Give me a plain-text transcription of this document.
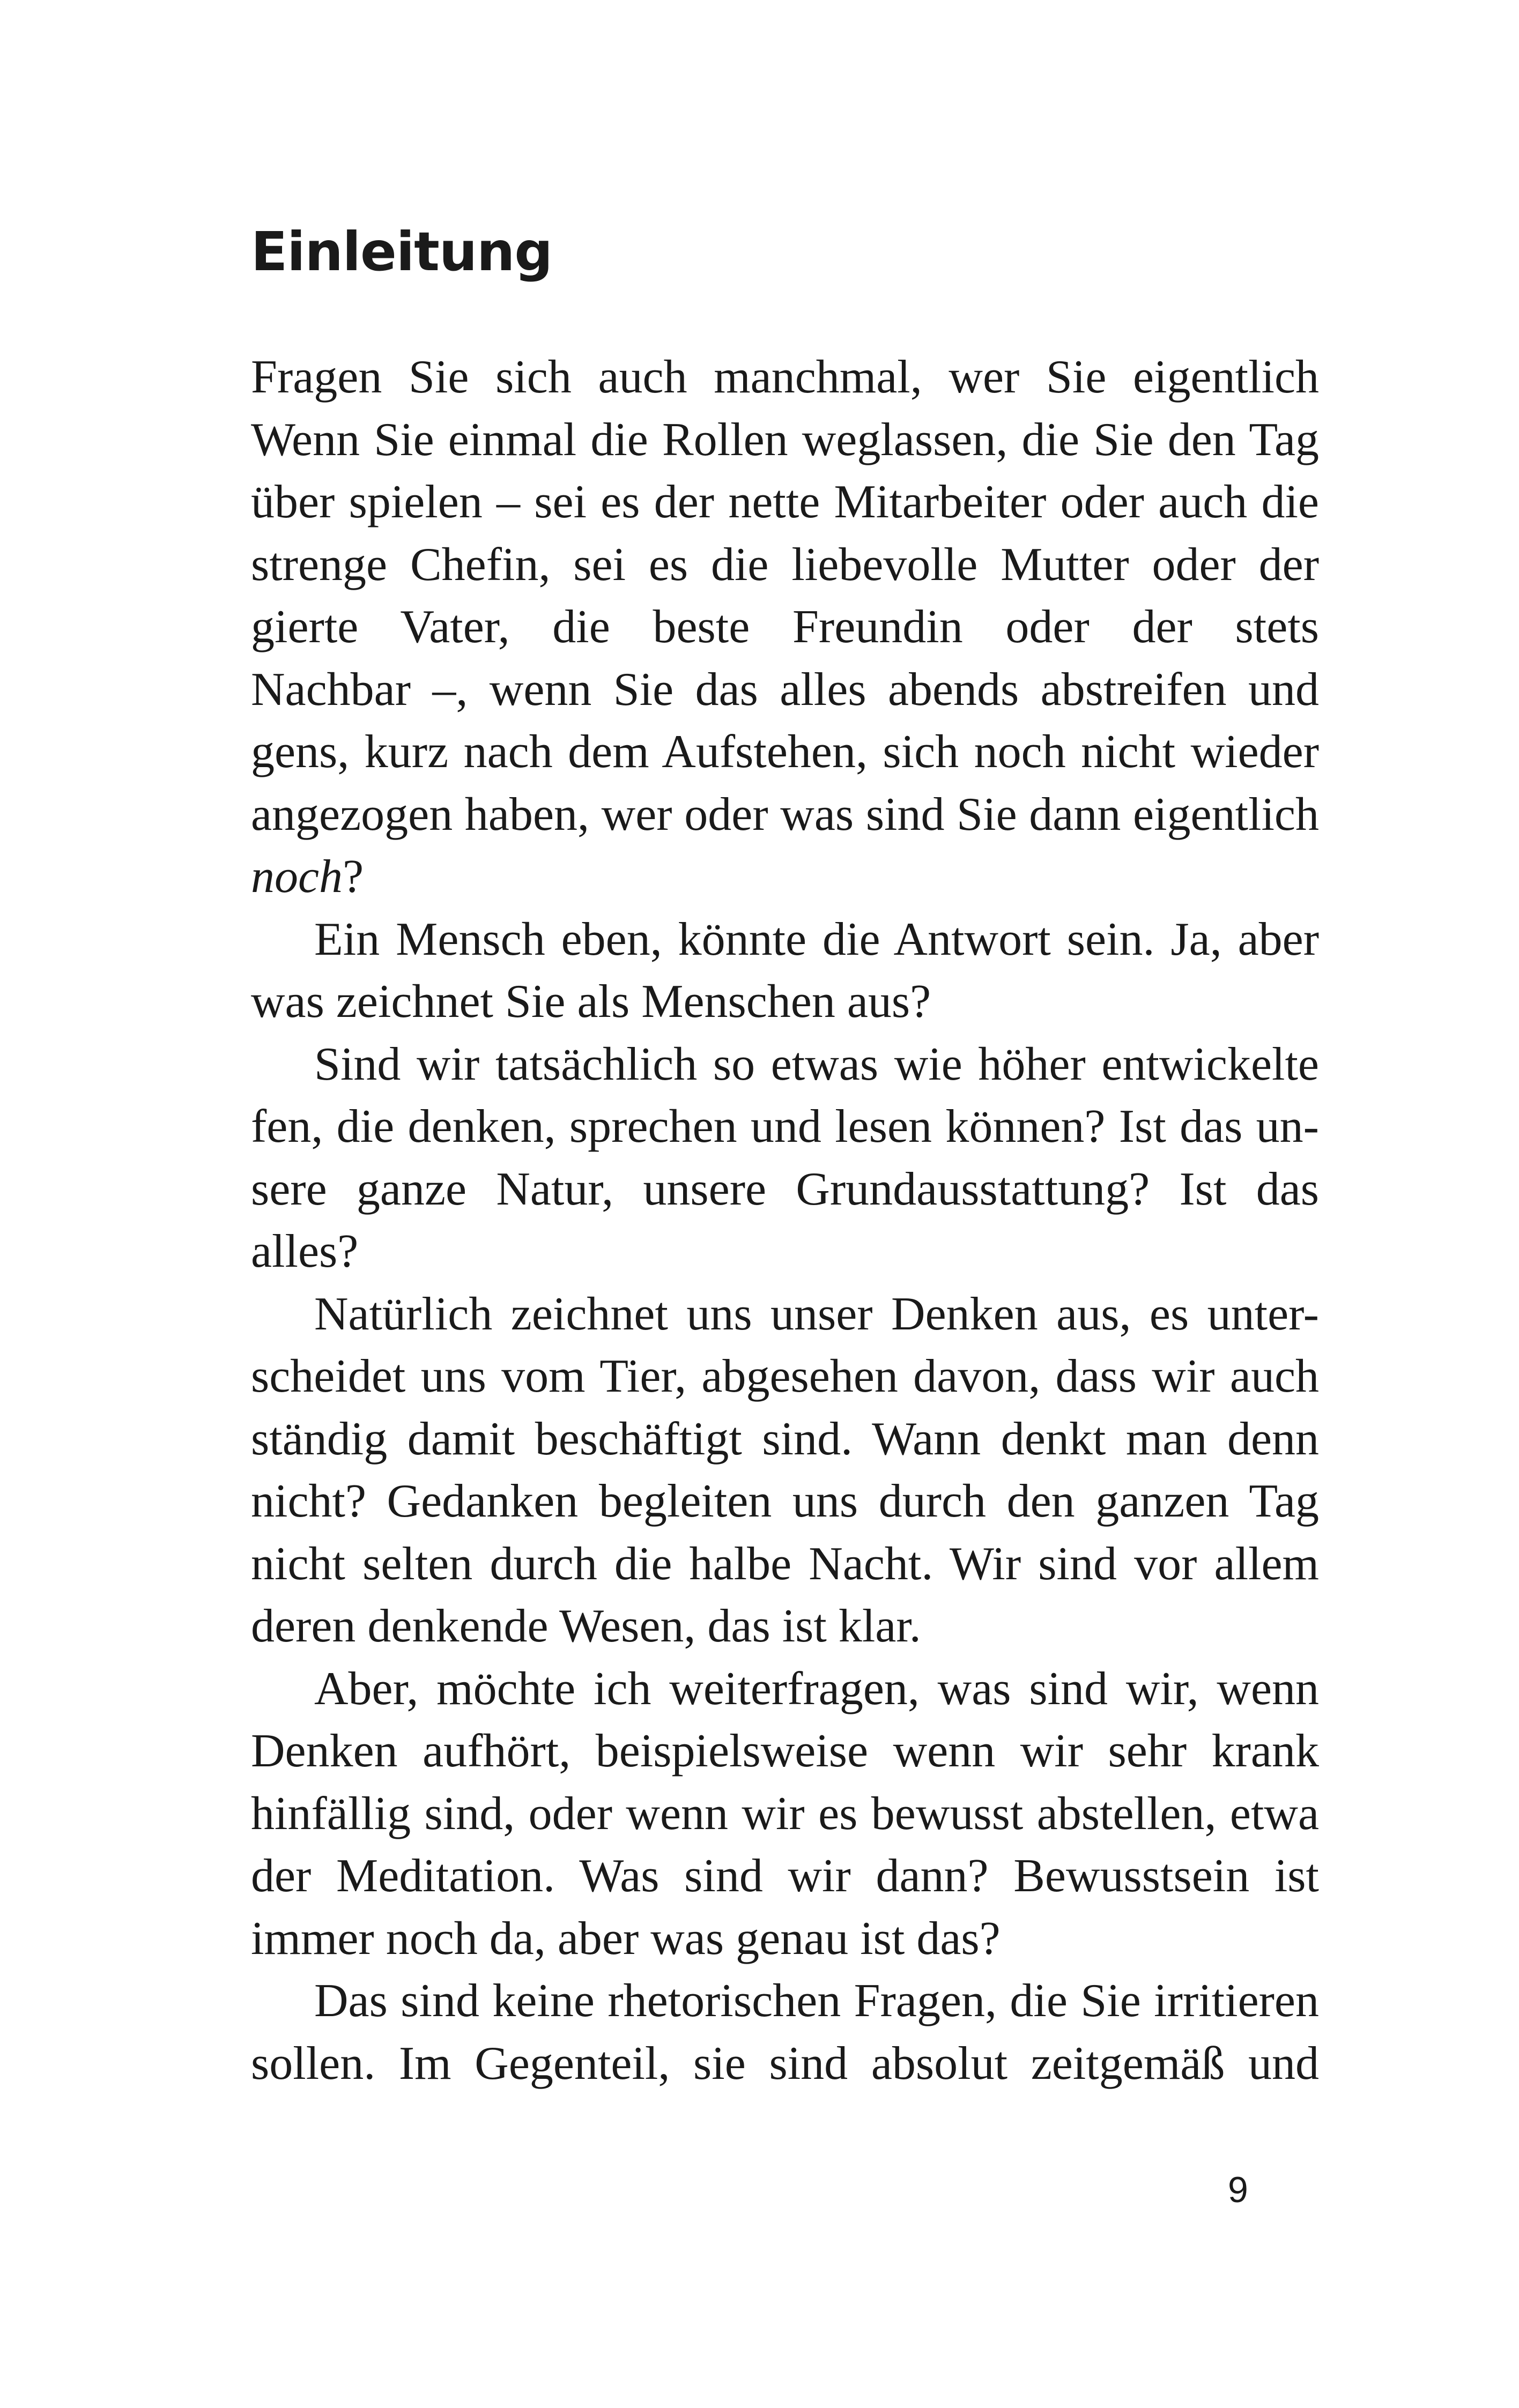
Einleitung
Fragen Sie sich auch manchmal, wer Sie eigentlich
Wenn Sie einmal die Rollen weglassen, die Sie den Tag
über spielen – sei es der nette Mitarbeiter oder auch die
strenge Chefin, sei es die liebevolle Mutter oder der
gierte Vater, die beste Freundin oder der stets
Nachbar –, wenn Sie das alles abends abstreifen und
gens, kurz nach dem Aufstehen, sich noch nicht wieder
angezogen haben, wer oder was sind Sie dann eigentlich
noch?
Ein Mensch eben, könnte die Antwort sein. Ja, aber
was zeichnet Sie als Menschen aus?
Sind wir tatsächlich so etwas wie höher entwickelte
fen, die denken, sprechen und lesen können? Ist das un-
sere ganze Natur, unsere Grundausstattung? Ist das
alles?
Natürlich zeichnet uns unser Denken aus, es unter-
scheidet uns vom Tier, abgesehen davon, dass wir auch
ständig damit beschäftigt sind. Wann denkt man denn
nicht? Gedanken begleiten uns durch den ganzen Tag
nicht selten durch die halbe Nacht. Wir sind vor allem
deren denkende Wesen, das ist klar.
Aber, möchte ich weiterfragen, was sind wir, wenn
Denken aufhört, beispielsweise wenn wir sehr krank
hinfällig sind, oder wenn wir es bewusst abstellen, etwa
der Meditation. Was sind wir dann? Bewusstsein ist
immer noch da, aber was genau ist das?
Das sind keine rhetorischen Fragen, die Sie irritieren
sollen. Im Gegenteil, sie sind absolut zeitgemäß und
9
